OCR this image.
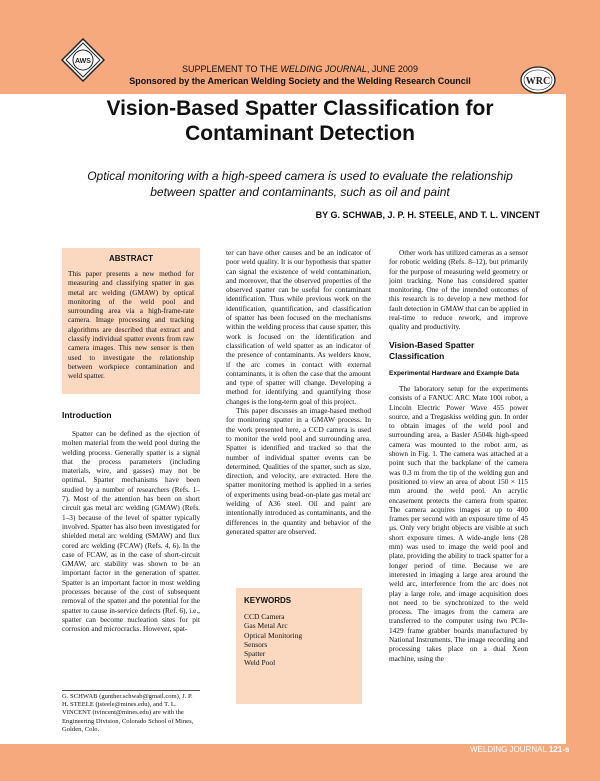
AWS
WRC
SUPPLEMENT TO THE WELDING JOURNAL, JUNE 2009
Sponsored by the American Welding Society and the Welding Research Council
Vision-Based Spatter Classification for
Contaminant Detection
Optical monitoring with a high-speed camera is used to evaluate the relationship
between spatter and contaminants, such as oil and paint
BY G. SCHWAB, J. P. H. STEELE, AND T. L. VINCENT
WELDING RESEARCH
ABSTRACT
This paper presents a new method for measuring and classifying spatter in gas metal arc welding (GMAW) by optical monitoring of the weld pool and surrounding area via a high-frame-rate camera. Image processing and tracking algorithms are described that extract and classify individual spatter events from raw camera images. This new sensor is then used to investigate the relationship between workpiece contamination and weld spatter.
Introduction

Spatter can be defined as the ejection of molten material from the weld pool during the welding process. Generally spatter is a signal that the process parameters (including materials, wire, and gasses) may not be optimal. Spatter mechanisms have been studied by a number of researchers (Refs. 1–7). Most of the attention has been on short circuit gas metal arc welding (GMAW) (Refs. 1–3) because of the level of spatter typically involved. Spatter has also been investigated for shielded metal arc welding (SMAW) and flux cored arc welding (FCAW) (Refs. 4, 6). In the case of FCAW, as in the case of short-circuit GMAW, arc stability was shown to be an important factor in the generation of spatter. Spatter is an important factor in most welding processes because of the cost of subsequent removal of the spatter and the potential for the spatter to cause in-service defects (Ref. 6), i.e., spatter can become nucleation sites for pit corrosion and microcracks. However, spat-

ter can have other causes and be an indicator of poor weld quality. It is our hypothesis that spatter can signal the existence of weld contamination, and moreover, that the observed properties of the observed spatter can be useful for contaminant identification. Thus while previous work on the identification, quantification, and classification of spatter has been focused on the mechanisms within the welding process that cause spatter, this work is focused on the identification and classification of weld spatter as an indicator of the presence of contaminants. As welders know, if the arc comes in contact with external contaminants, it is often the case that the amount and type of spatter will change. Developing a method for identifying and quantifying those changes is the long-term goal of this project.

This paper discusses an image-based method for monitoring spatter in a GMAW process. In the work presented here, a CCD camera is used to monitor the weld pool and surrounding area. Spatter is identified and tracked so that the number of individual spatter events can be determined. Qualities of the spatter, such as size, direction, and velocity, are extracted. Here the spatter monitoring method is applied in a series of experiments using bead-on-plate gas metal arc welding of A36 steel. Oil and paint are intentionally introduced as contaminants, and the differences in the quantity and behavior of the generated spatter are observed.

KEYWORDS
CCD Camera
Gas Metal Arc
Optical Monitoring
Sensors
Spatter
Weld Pool
G. SCHWAB (gunther.schwab@gmail.com), J. P. H. STEELE (jsteele@mines.edu), and T. L. VINCENT (tvincent@mines.edu) are with the Engineering Division, Colorado School of Mines, Golden, Colo.

Other work has utilized cameras as a sensor for robotic welding (Refs. 8–12), but primarily for the purpose of measuring weld geometry or joint tracking. None has considered spatter monitoring. One of the intended outcomes of this research is to develop a new method for fault detection in GMAW that can be applied in real-time to reduce rework, and improve quality and productivity.

Vision-Based Spatter
Classification
Experimental Hardware and Example Data

The laboratory setup for the experiments consists of a FANUC ARC Mate 100i robot, a Lincoln Electric Power Wave 455 power source, and a Tregaskiss welding gun. In order to obtain images of the weld pool and surrounding area, a Basler A504k high-speed camera was mounted to the robot arm, as shown in Fig. 1. The camera was attached at a point such that the backplane of the camera was 0.3 m from the tip of the welding gun and positioned to view an area of about 150 × 115 mm around the weld pool. An acrylic encasement protects the camera from spatter. The camera acquires images at up to 400 frames per second with an exposure time of 45 µs. Only very bright objects are visible at such short exposure times. A wide-angle lens (28 mm) was used to image the weld pool and plate, providing the ability to track spatter for a longer period of time. Because we are interested in imaging a large area around the weld arc, interference from the arc does not play a large role, and image acquisition does not need to be synchronized to the weld process. The images from the camera are transferred to the computer using two PCIe-1429 frame grabber boards manufactured by National Instruments. The image recording and processing takes place on a dual Xeon machine, using the

WELDING JOURNAL 121-s
